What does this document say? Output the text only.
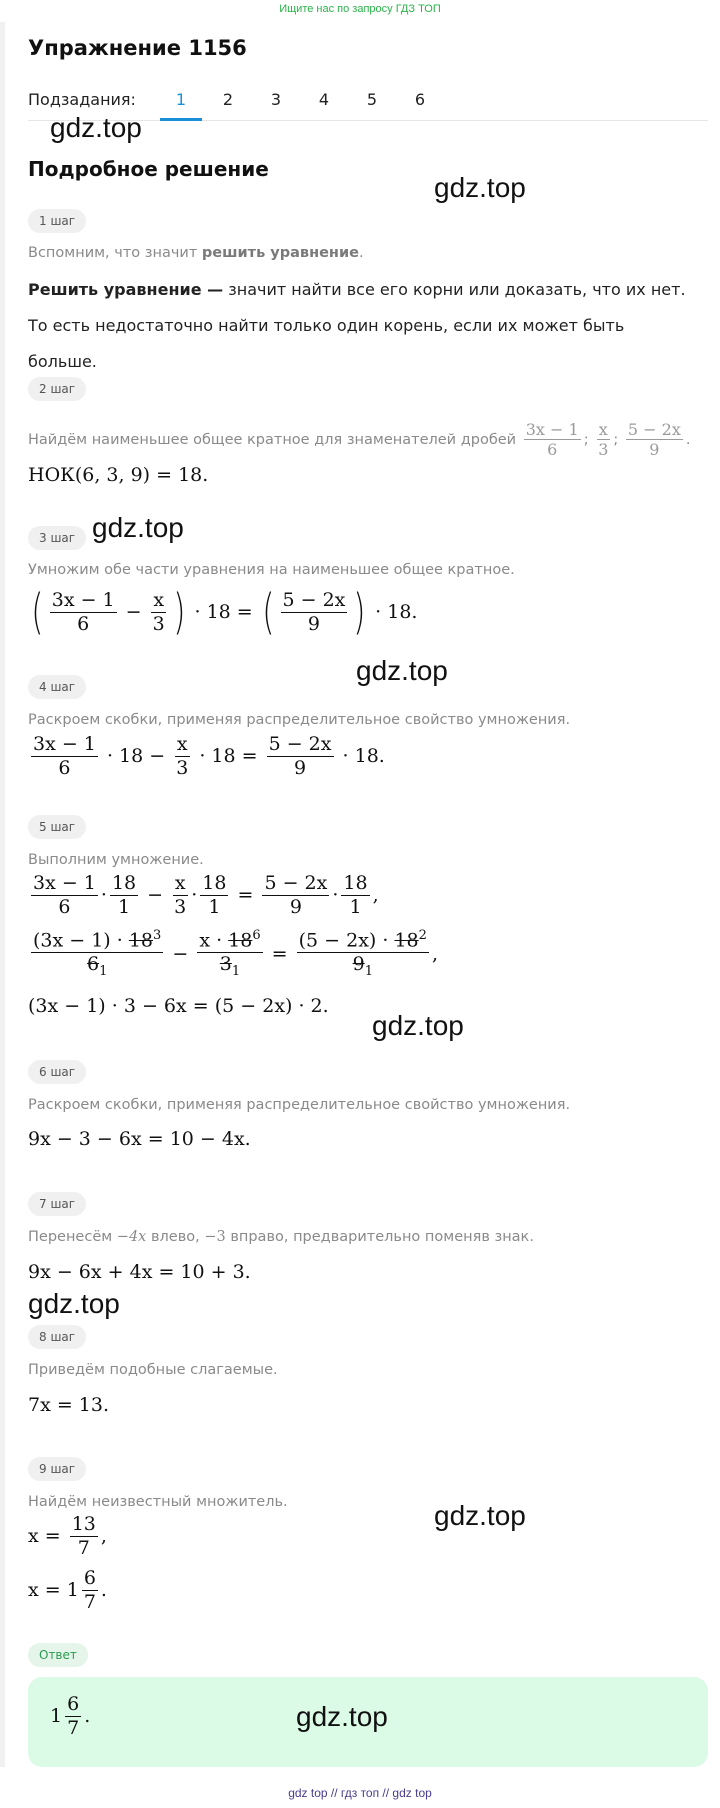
Ищите нас по запросу ГДЗ ТОП
Упражнение 1156
Подзадания:	1	2	3	4	5	6
gdz.top
Подробное решение
gdz.top
1 шаг
Вспомним, что значит решить уравнение.
Решить уравнение — значит найти все его корни или доказать, что их нет. То есть недостаточно найти только один корень, если их может быть больше.
2 шаг
Найдём наименьшее общее кратное для знаменателей дробей $\frac{3x - 1}{6}$ ; $\frac{x}{3}$ ; $\frac{5 - 2x}{9}$ .
НОК(6, 3, 9) = 18.
3 шаг gdz.top
Умножим обе части уравнения на наименьшее общее кратное.
( $\frac{3x - 1}{6} - \frac{x}{3}$ ) · 18 = ( $\frac{5 - 2x}{9}$ ) · 18.
gdz.top
4 шаг
Раскроем скобки, применяя распределительное свойство умножения.
$\frac{3x - 1}{6} \cdot 18 - \frac{x}{3} \cdot 18 = \frac{5 - 2x}{9} \cdot 18$.
5 шаг
Выполним умножение.
$\frac{3x - 1}{6} \cdot \frac{18}{1} - \frac{x}{3} \cdot \frac{18}{1} = \frac{5 - 2x}{9} \cdot \frac{18}{1}$ ,
$\frac{(3x - 1) \cdot 18^3}{6_1} - \frac{x \cdot 18^6}{3_1} = \frac{(5 - 2x) \cdot 18^2}{9_1}$ ,
(3x − 1) · 3 − 6x = (5 − 2x) · 2.
gdz.top
6 шаг
Раскроем скобки, применяя распределительное свойство умножения.
9x − 3 − 6x = 10 − 4x.
7 шаг
Перенесём −4x влево, −3 вправо, предварительно поменяв знак.
9x − 6x + 4x = 10 + 3.
gdz.top
8 шаг
Приведём подобные слагаемые.
7x = 13.
9 шаг
Найдём неизвестный множитель.	gdz.top
$x = \frac{13}{7}$ ,
$x = 1 \frac{6}{7}$ .
Ответ
$1 \frac{6}{7}$ .	gdz.top
gdz top // гдз топ // gdz top
